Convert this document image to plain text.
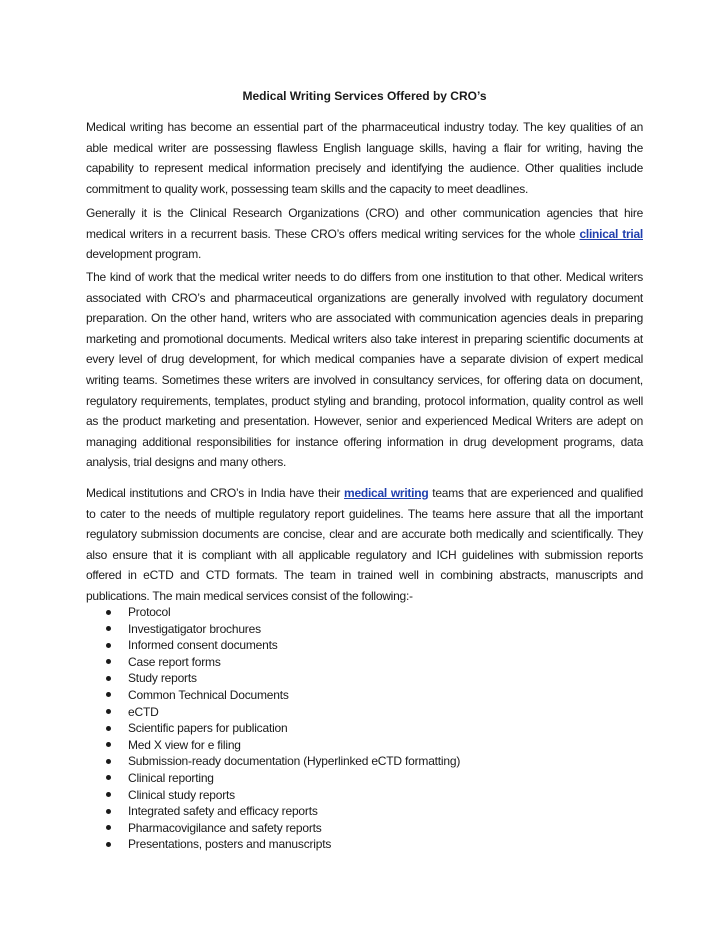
Medical Writing Services Offered by CRO’s

Medical writing has become an essential part of the pharmaceutical industry today. The key qualities of an able medical writer are possessing flawless English language skills, having a flair for writing, having the capability to represent medical information precisely and identifying the audience. Other qualities include commitment to quality work, possessing team skills and the capacity to meet deadlines.

Generally it is the Clinical Research Organizations (CRO) and other communication agencies that hire medical writers in a recurrent basis. These CRO’s offers medical writing services for the whole clinical trial development program.

The kind of work that the medical writer needs to do differs from one institution to that other. Medical writers associated with CRO’s and pharmaceutical organizations are generally involved with regulatory document preparation. On the other hand, writers who are associated with communication agencies deals in preparing marketing and promotional documents. Medical writers also take interest in preparing scientific documents at every level of drug development, for which medical companies have a separate division of expert medical writing teams. Sometimes these writers are involved in consultancy services, for offering data on document, regulatory requirements, templates, product styling and branding, protocol information, quality control as well as the product marketing and presentation. However, senior and experienced Medical Writers are adept on managing additional responsibilities for instance offering information in drug development programs, data analysis, trial designs and many others.

Medical institutions and CRO’s in India have their medical writing teams that are experienced and qualified to cater to the needs of multiple regulatory report guidelines. The teams here assure that all the important regulatory submission documents are concise, clear and are accurate both medically and scientifically. They also ensure that it is compliant with all applicable regulatory and ICH guidelines with submission reports offered in eCTD and CTD formats. The team in trained well in combining abstracts, manuscripts and publications. The main medical services consist of the following:-

Protocol
Investigatigator brochures
Informed consent documents
Case report forms
Study reports
Common Technical Documents
eCTD
Scientific papers for publication
Med X view for e filing
Submission-ready documentation (Hyperlinked eCTD formatting)
Clinical reporting
Clinical study reports
Integrated safety and efficacy reports
Pharmacovigilance and safety reports
Presentations, posters and manuscripts
